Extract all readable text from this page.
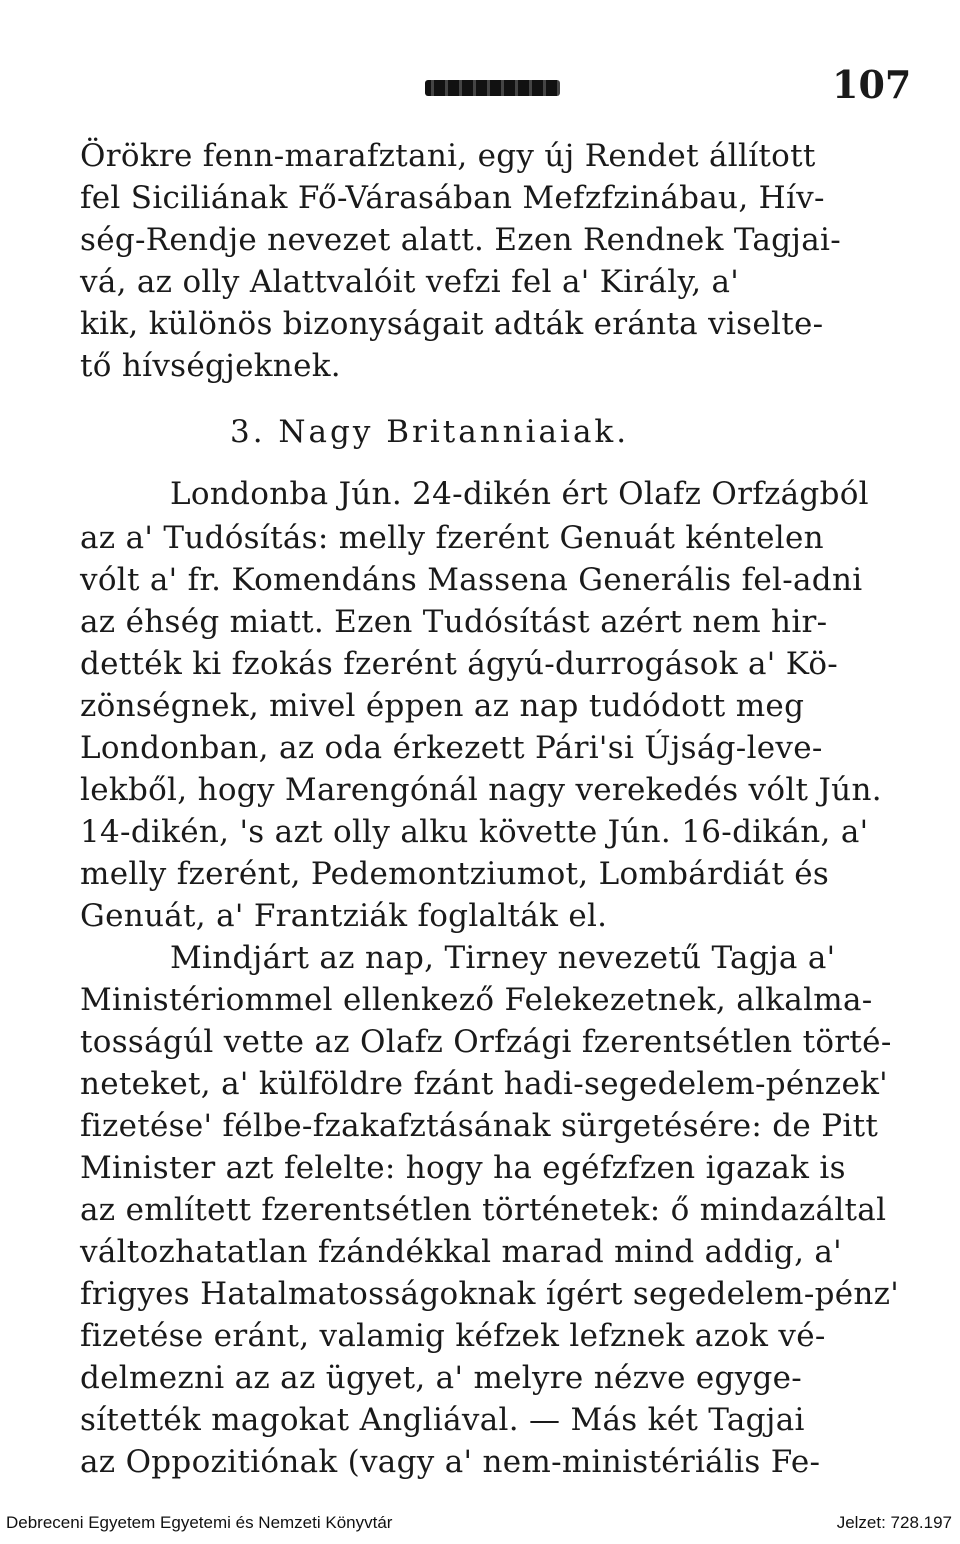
107
Örökre fenn-marafztani, egy új Rendet állított
fel Siciliának Fő-Várasában Mefzfzinábau, Hív-
ség-Rendje nevezet alatt. Ezen Rendnek Tagjai-
vá, az olly Alattvalóit vefzi fel a' Király, a'
kik, különös bizonyságait adták eránta viselte-
tő hívségjeknek.
3. Nagy Britanniaiak.
Londonba Jún. 24-dikén ért Olafz Orfzágból
az a' Tudósítás: melly fzerént Genuát kéntelen
vólt a' fr. Komendáns Massena Generális fel-adni
az éhség miatt. Ezen Tudósítást azért nem hir-
dették ki fzokás fzerént ágyú-durrogások a' Kö-
zönségnek, mivel éppen az nap tudódott meg
Londonban, az oda érkezett Pári'si Újság-leve-
lekből, hogy Marengónál nagy verekedés vólt Jún.
14-dikén, 's azt olly alku követte Jún. 16-dikán, a'
melly fzerént, Pedemontziumot, Lombárdiát és
Genuát, a' Frantziák foglalták el.
Mindjárt az nap, Tirney nevezetű Tagja a'
Ministériommel ellenkező Felekezetnek, alkalma-
tosságúl vette az Olafz Orfzági fzerentsétlen törté-
neteket, a' külföldre fzánt hadi-segedelem-pénzek'
fizetése' félbe-fzakafztásának sürgetésére: de Pitt
Minister azt felelte: hogy ha egéfzfzen igazak is
az említett fzerentsétlen történetek: ő mindazáltal
változhatatlan fzándékkal marad mind addig, a'
frigyes Hatalmatosságoknak ígért segedelem-pénz'
fizetése eránt, valamig kéfzek lefznek azok vé-
delmezni az az ügyet, a' melyre nézve egyge-
sítették magokat Angliával. — Más két Tagjai
az Oppozitiónak (vagy a' nem-ministériális Fe-
Debreceni Egyetem Egyetemi és Nemzeti Könyvtár	Jelzet: 728.197
